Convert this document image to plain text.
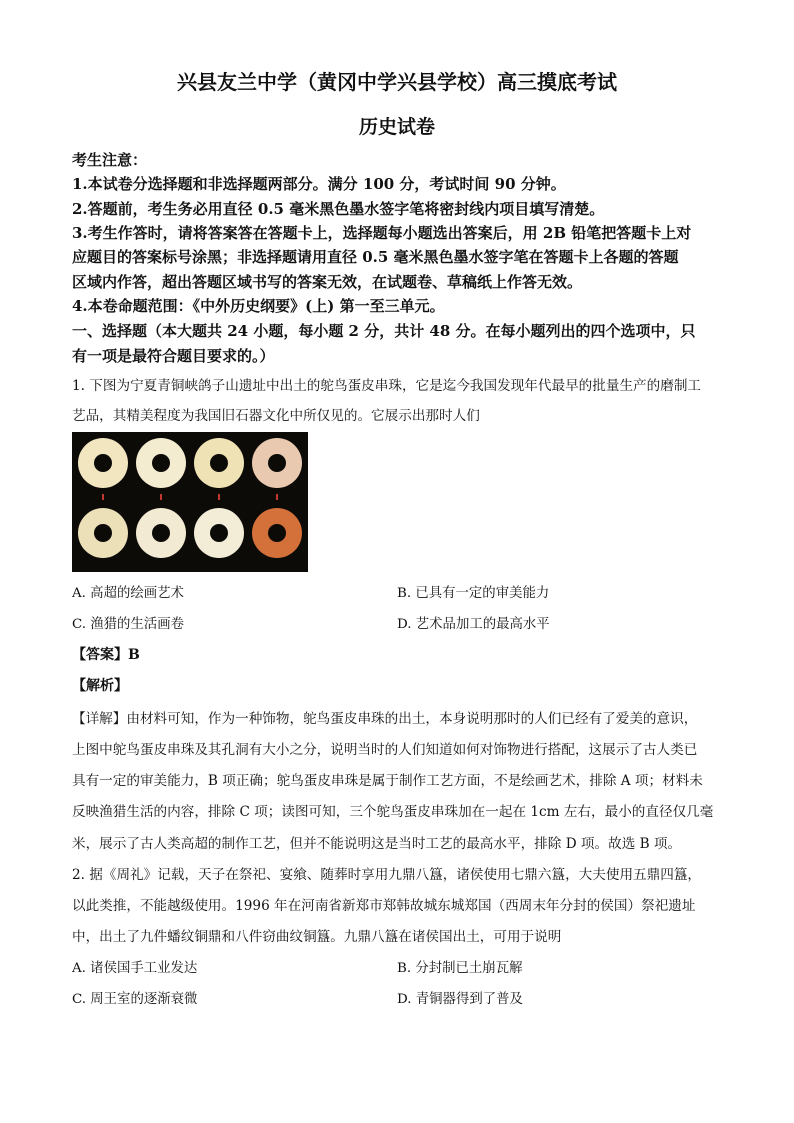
兴县友兰中学（黄冈中学兴县学校）高三摸底考试
历史试卷
考生注意：
1.本试卷分选择题和非选择题两部分。满分 100 分，考试时间 90 分钟。
2.答题前，考生务必用直径 0.5 毫米黑色墨水签字笔将密封线内项目填写清楚。
3.考生作答时，请将答案答在答题卡上，选择题每小题选出答案后，用 2B 铅笔把答题卡上对
应题目的答案标号涂黑；非选择题请用直径 0.5 毫米黑色墨水签字笔在答题卡上各题的答题
区域内作答，超出答题区域书写的答案无效，在试题卷、草稿纸上作答无效。
4.本卷命题范围：《中外历史纲要》(上) 第一至三单元。
一、选择题（本大题共 24 小题，每小题 2 分，共计 48 分。在每小题列出的四个选项中，只
有一项是最符合题目要求的。）
1. 下图为宁夏青铜峡鸽子山遗址中出土的鸵鸟蛋皮串珠，它是迄今我国发现年代最早的批量生产的磨制工
艺品，其精美程度为我国旧石器文化中所仅见的。它展示出那时人们
A. 高超的绘画艺术	B. 已具有一定的审美能力
C. 渔猎的生活画卷	D. 艺术品加工的最高水平
【答案】B
【解析】
【详解】由材料可知，作为一种饰物，鸵鸟蛋皮串珠的出土，本身说明那时的人们已经有了爱美的意识，
上图中鸵鸟蛋皮串珠及其孔洞有大小之分，说明当时的人们知道如何对饰物进行搭配，这展示了古人类已
具有一定的审美能力，B 项正确；鸵鸟蛋皮串珠是属于制作工艺方面，不是绘画艺术，排除 A 项；材料未
反映渔猎生活的内容，排除 C 项；读图可知，三个鸵鸟蛋皮串珠加在一起在 1cm 左右，最小的直径仅几毫
米，展示了古人类高超的制作工艺，但并不能说明这是当时工艺的最高水平，排除 D 项。故选 B 项。
2. 据《周礼》记载，天子在祭祀、宴飨、随葬时享用九鼎八簋，诸侯使用七鼎六簋，大夫使用五鼎四簋，
以此类推，不能越级使用。1996 年在河南省新郑市郑韩故城东城郑国（西周末年分封的侯国）祭祀遗址
中，出土了九件蟠纹铜鼎和八件窃曲纹铜簋。九鼎八簋在诸侯国出土，可用于说明
A. 诸侯国手工业发达	B. 分封制已土崩瓦解
C. 周王室的逐渐衰微	D. 青铜器得到了普及
